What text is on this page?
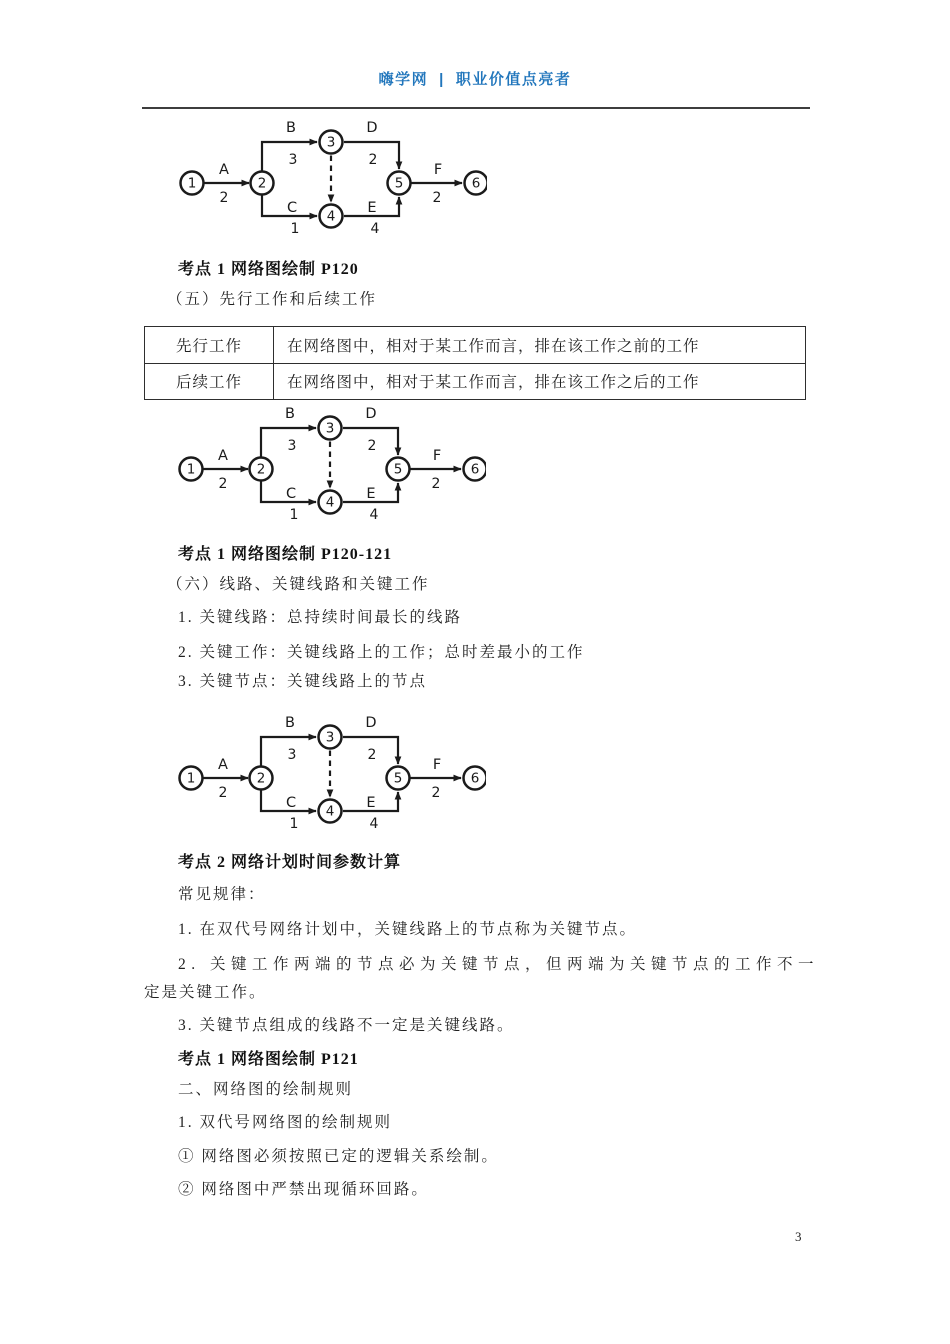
嗨学网 | 职业价值点亮者
A
2
B
3
D
2
C
1
E
4
F
2
1	2
3
4
5	6
考点 1 网络图绘制 P120
（五）先行工作和后续工作
先行工作	在网络图中，相对于某工作而言，排在该工作之前的工作
后续工作	在网络图中，相对于某工作而言，排在该工作之后的工作
A
2
B
3
D
2
C
1
E
4
F
2
1	2
3
4
5	6
考点 1 网络图绘制 P120-121
（六）线路、关键线路和关键工作
1. 关键线路：总持续时间最长的线路
2. 关键工作：关键线路上的工作；总时差最小的工作
3. 关键节点：关键线路上的节点
A
2
B
3
D
2
C
1
E
4
F
2
1	2
3
4
5	6
考点 2 网络计划时间参数计算
常见规律：
1. 在双代号网络计划中，关键线路上的节点称为关键节点。
2. 关键工作两端的节点必为关键节点，但两端为关键节点的工作不一
定是关键工作。
3. 关键节点组成的线路不一定是关键线路。
考点 1 网络图绘制 P121
二、网络图的绘制规则
1. 双代号网络图的绘制规则
① 网络图必须按照已定的逻辑关系绘制。
② 网络图中严禁出现循环回路。
3
